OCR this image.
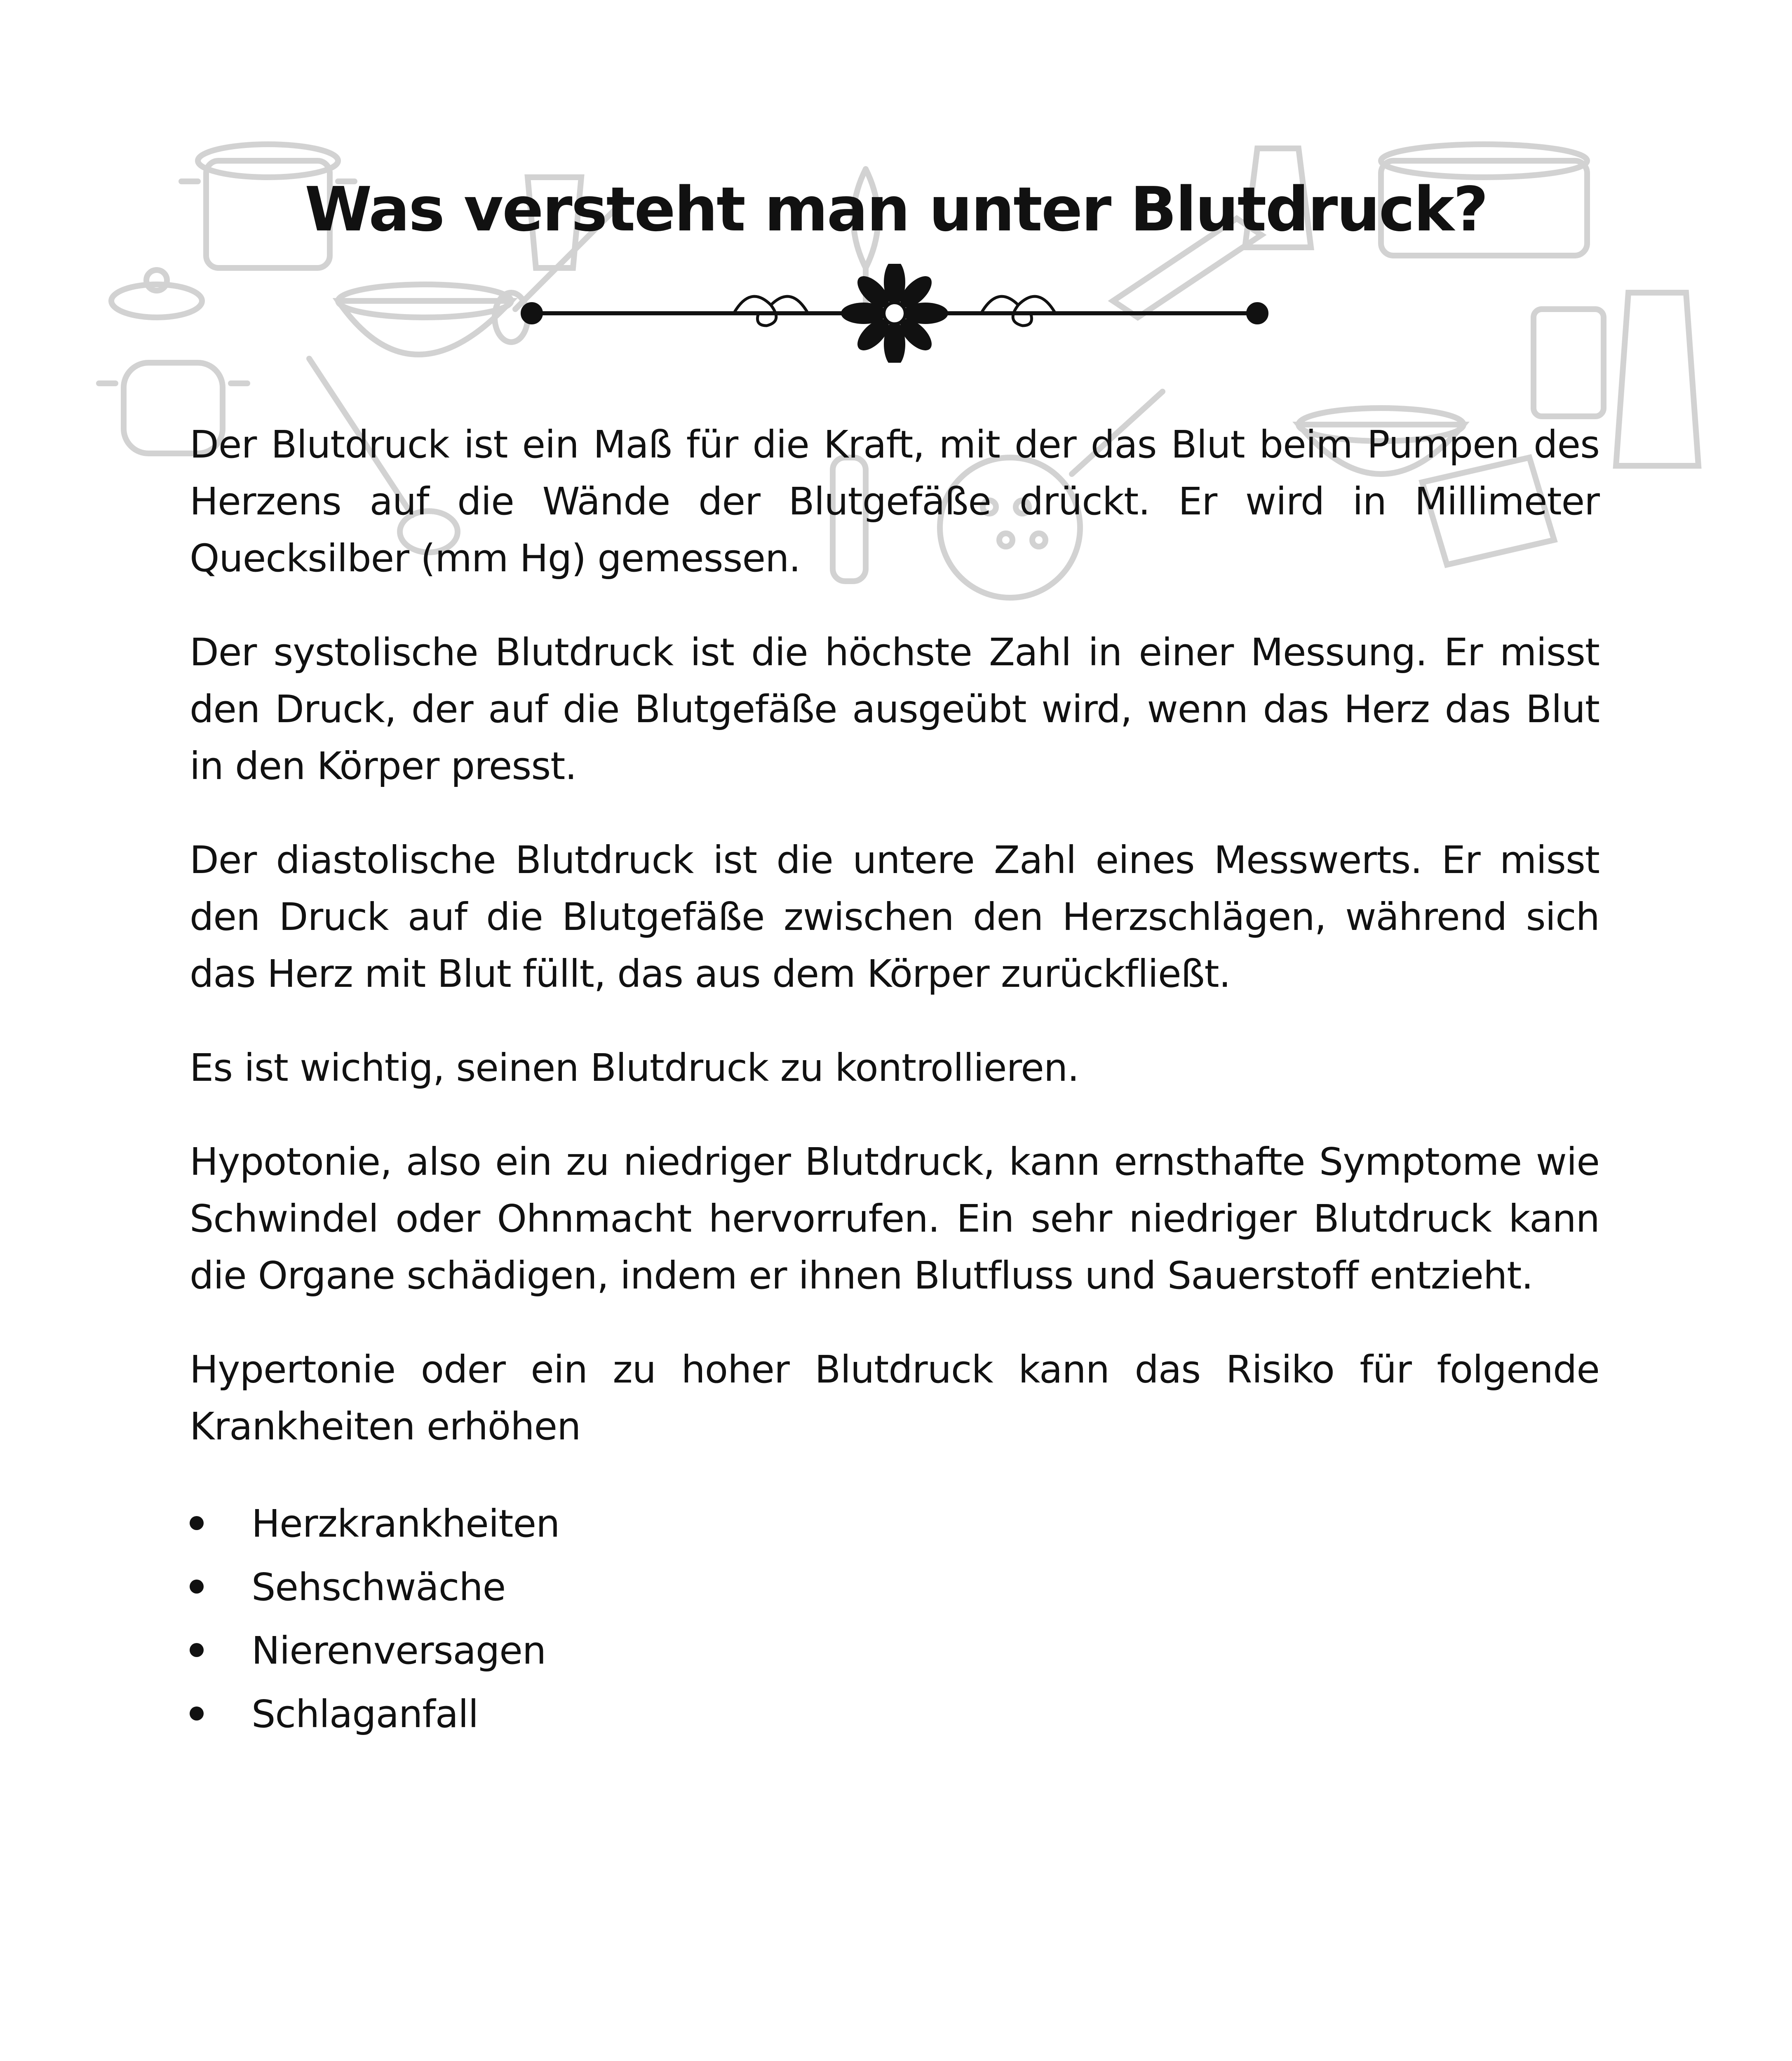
Was versteht man unter Blutdruck?

Der Blutdruck ist ein Maß für die Kraft, mit der das Blut beim Pumpen des Herzens auf die Wände der Blutgefäße drückt. Er wird in Millimeter Quecksilber (mm Hg) gemessen.

Der systolische Blutdruck ist die höchste Zahl in einer Messung. Er misst den Druck, der auf die Blutgefäße ausgeübt wird, wenn das Herz das Blut in den Körper presst.

Der diastolische Blutdruck ist die untere Zahl eines Messwerts. Er misst den Druck auf die Blutgefäße zwischen den Herzschlägen, während sich das Herz mit Blut füllt, das aus dem Körper zurückfließt.

Es ist wichtig, seinen Blutdruck zu kontrollieren.

Hypotonie, also ein zu niedriger Blutdruck, kann ernsthafte Symptome wie Schwindel oder Ohnmacht hervorrufen. Ein sehr niedriger Blutdruck kann die Organe schädigen, indem er ihnen Blutfluss und Sauerstoff entzieht.

Hypertonie oder ein zu hoher Blutdruck kann das Risiko für folgende Krankheiten erhöhen

Herzkrankheiten
Sehschwäche
Nierenversagen
Schlaganfall
